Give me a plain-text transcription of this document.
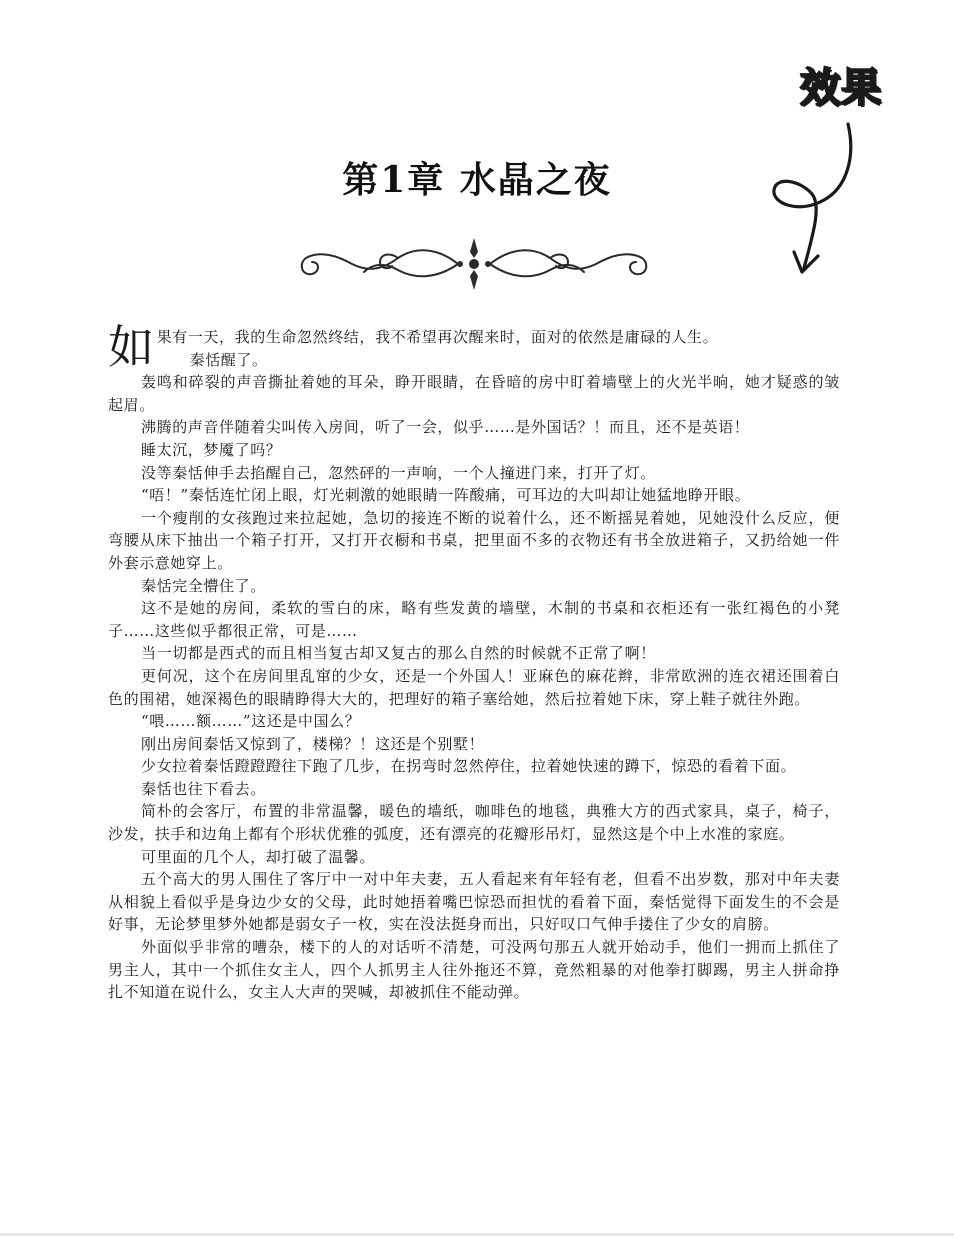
效果
第1章 水晶之夜

如果有一天，我的生命忽然终结，我不希望再次醒来时，面对的依然是庸碌的人生。

秦恬醒了。

轰鸣和碎裂的声音撕扯着她的耳朵，睁开眼睛，在昏暗的房中盯着墙壁上的火光半晌，她才疑惑的皱起眉。

沸腾的声音伴随着尖叫传入房间，听了一会，似乎……是外国话？！而且，还不是英语！

睡太沉，梦魇了吗？

没等秦恬伸手去掐醒自己，忽然砰的一声响，一个人撞进门来，打开了灯。

“唔！”秦恬连忙闭上眼，灯光刺激的她眼睛一阵酸痛，可耳边的大叫却让她猛地睁开眼。

一个瘦削的女孩跑过来拉起她，急切的接连不断的说着什么，还不断摇晃着她，见她没什么反应，便弯腰从床下抽出一个箱子打开，又打开衣橱和书桌，把里面不多的衣物还有书全放进箱子，又扔给她一件外套示意她穿上。

秦恬完全懵住了。

这不是她的房间，柔软的雪白的床，略有些发黄的墙壁，木制的书桌和衣柜还有一张红褐色的小凳子……这些似乎都很正常，可是……

当一切都是西式的而且相当复古却又复古的那么自然的时候就不正常了啊！

更何况，这个在房间里乱窜的少女，还是一个外国人！亚麻色的麻花辫，非常欧洲的连衣裙还围着白色的围裙，她深褐色的眼睛睁得大大的，把理好的箱子塞给她，然后拉着她下床，穿上鞋子就往外跑。

“喂……额……”这还是中国么？

刚出房间秦恬又惊到了，楼梯？！这还是个别墅！

少女拉着秦恬蹬蹬蹬往下跑了几步，在拐弯时忽然停住，拉着她快速的蹲下，惊恐的看着下面。

秦恬也往下看去。

简朴的会客厅，布置的非常温馨，暖色的墙纸，咖啡色的地毯，典雅大方的西式家具，桌子，椅子，沙发，扶手和边角上都有个形状优雅的弧度，还有漂亮的花瓣形吊灯，显然这是个中上水准的家庭。

可里面的几个人，却打破了温馨。

五个高大的男人围住了客厅中一对中年夫妻，五人看起来有年轻有老，但看不出岁数，那对中年夫妻从相貌上看似乎是身边少女的父母，此时她捂着嘴巴惊恐而担忧的看着下面，秦恬觉得下面发生的不会是好事，无论梦里梦外她都是弱女子一枚，实在没法挺身而出，只好叹口气伸手搂住了少女的肩膀。

外面似乎非常的嘈杂，楼下的人的对话听不清楚，可没两句那五人就开始动手，他们一拥而上抓住了男主人，其中一个抓住女主人，四个人抓男主人往外拖还不算，竟然粗暴的对他拳打脚踢，男主人拼命挣扎不知道在说什么，女主人大声的哭喊，却被抓住不能动弹。
